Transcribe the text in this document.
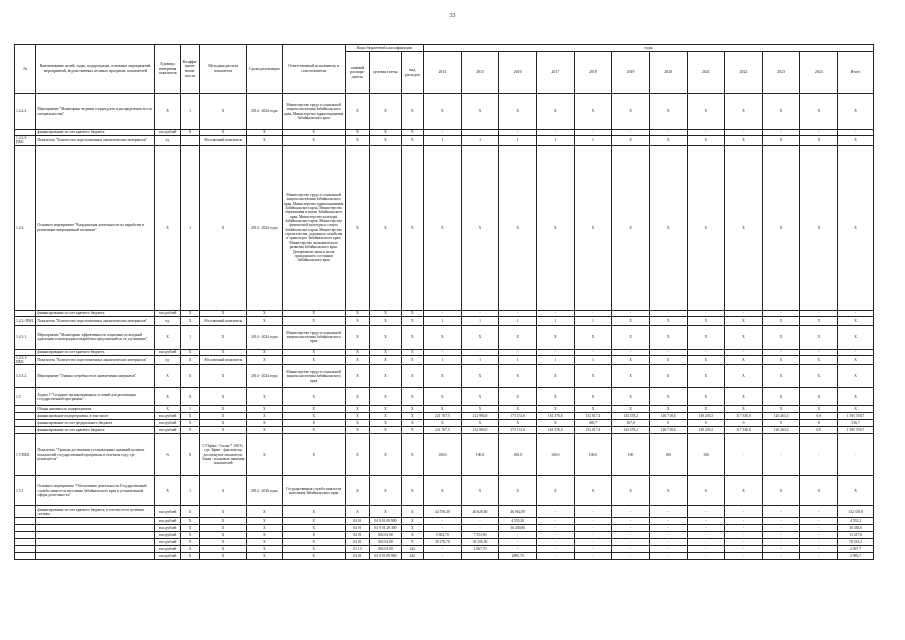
33
№	Наименование целей, задач, подпрограмм, основных мероприятий, мероприятий, ведомственных целевых программ, показателей	Единица измерения показателя	Коэффи-циент значи-мости	Методика расчета показателя	Сроки реализации	Ответственный исполнитель и соисполнители	Коды бюджетной классификации			годы											
							главный распоря-дитель	целевая статья	вид расходов	2014	2015	2016	2017	2018	2019	2020	2021	2022	2023	2024	Итого
1.4.2.3.	Мероприятие "Мониторинг ведения соцпродукта и распределения его по специальностям"	X	1	X	2014 - 2024 годы	Министерство труда и социальной защиты населения Забайкальского края, Министерство здравоохранения Забайкальского края	X	X	X	X	X	X	X	X	X	X	X	X	X	X	X
	финансирование за счет краевого бюджета	тыс.рублей	X	X	X	X	X	X	X	-	-	-	-	-	-	-	-	-	-	-	-
1.4.2.3-ПМ1	Показатель "Количество подготовленных аналитических материалов"	ед.		Абсолютный показатель	X	X	X	X	X	1	1	1	1	1	X	X	X	X	X	X	X
1.4.3.	Основное мероприятие "Координация деятельности по выработке и реализации миграционной политики"	X	1	X	2014 - 2024 годы	Министерство труда и социальной защиты населения Забайкальского края, Министерство здравоохранения Забайкальского края, Министерство образования и науки Забайкальского края, Министерство культуры Забайкальского края, Министерство физической культуры и спорта Забайкальского края, Министерство строительства, дорожного хозяйства и транспорта Забайкальского края, Министерство экономического развития Забайкальского края, Департамент записи актов гражданского состояния Забайкальского края	X	X	X	X	X	X	X	X	X	X	X	X	X	X	X
	финансирование за счет краевого бюджета	тыс.рублей	X	X	X	X	X	X	X	-	-	-	-	-	-	-	-	-	-	-	-
1.4.3.-ПМ1	Показатель "Количество подготовленных аналитических материалов"	ед.	X	Абсолютный показатель	X	X	X	X	X	1	1	1	1	1	X	X	X	X	X	X	X
1.4.3.1.	Мероприятие "Мониторинг эффективности социально-культурной адаптации и интеграции и выработка предложений по ее улучшению"	X	1	X	2014 - 2024 годы	Министерство труда и социальной защиты населения Забайкальского края	X	X	X	X	X	X	X	X	X	X	X	X	X	X	X
	финансирование за счет краевого бюджета	тыс.рублей	X	X	X	X	X	X	X	-	-	-	-	-	-	-	-	-	-	-	-
1.4.3.1-ПМ1	Показатель "Количество подготовленных аналитических материалов"	ед.	X	Абсолютный показатель	X	X	X	X	X	1	1	1	1	1	X	X	X	X	X	X	X
1.4.3.2.	Мероприятие "Оценка потребности в привлечении мигрантов"	X	X	X	2014 - 2024 годы	Министерство труда и социальной защиты населения Забайкальского края	X	X	X	X	X	X	X	X	X	X	X	X	X	X	X
1.5	Задача 5 "Создание организационных условий для реализации государственной программы"	X	X	X	X	X	X	X	X	X	X	X	X	X	X	X	X	X	X	X	X
	Общая значимость подпрограммы	X	1	X	X	X	X	X	X	X	X	X	X	X	X	X	X	X	X	X	X
	финансирование подпрограммы, в том числе:	тыс.рублей	X	X	X	X	X	X	X	221 767,5	212 994,9	173 131,6	161 376,6	152 017,4	143 378,2	146 718,6	149 203,5	117 330,0	120 263,3	0,0	1 595 550,7
	финансирование за счет федерального бюджета	тыс.рублей	X	X	X	X	X	X	X	X	X	X	X	369,7	167,0	0	0	0	0	0	536,7
	финансирование за счет краевого бюджета	тыс.рублей	X	X	X	X	X	X	X	221 767,5	212 994,9	173 131,6	161 376,6	152 017,4	143 378,2	146 718,6	149 203,5	117 330,0	120 263,3	0,0	1 595 550,7
1.5-ПМ1	Показатель "Уровень достижения установленных значений целевых показателей государственной программы в отчетном году, где реализуется"	%	X	СУЗфакт / Сплан * 100 %, где: Зфакт - фактически достигнутые показатели; Зплан - плановые значения показателей	X	X	X	X	X	100,0	100,0	100,0	100,0	100,0	100	100	100	-	-	-	-
1.5.1	Основное мероприятие "Обеспечение деятельности Государственной службы занятости населения Забайкальского края и установленной сферы деятельности"	X	1	X	2014 - 2016 годы	Государственная служба занятости населения Забайкальского края	X	X	X	X	X	X	X	X	X	X	X	X	X	X	X
	финансирование за счет краевого бюджета, в том числе по целевым статьям:	тыс.рублей	X	X	X	X	X	X	X	44 756,40	40 620,60	46 962,00	-	-	-	-	-	-	-	-	132 339,0
		тыс.рублей	X	X	X	X	04 01	04 9 01 09 900	X	-	-	4 555,20	-	-	-	-	-	-	-	-	4 555,2
		тыс.рублей	X	X	X	X	04 01	04 9 01 29 400	X	-	-	36 430,60	-	-	-	-	-	-	-	-	36 430,6
		тыс.рублей	X	X	X	X	04 01	002 04 00	X	5 863,70	7 553,90	-	-	-	-	-	-	-	-	-	13 417,6
		тыс.рублей	X	X	X	X	04 01	002 04 00	X	39 276,70	39 256,50	-	-	-	-	-	-	-	-	-	78 533,2
		тыс.рублей	X	X	X	X	01 13	092 03 00	242	-	2 067,70	-	-	-	-	-	-	-	-	-	2 067,7
		тыс.рублей	X	X	X	X	04 01	04 9 01 09 900	242	-	-	2985,70	-	-	-	-	-	-	-	-	2 985,7
